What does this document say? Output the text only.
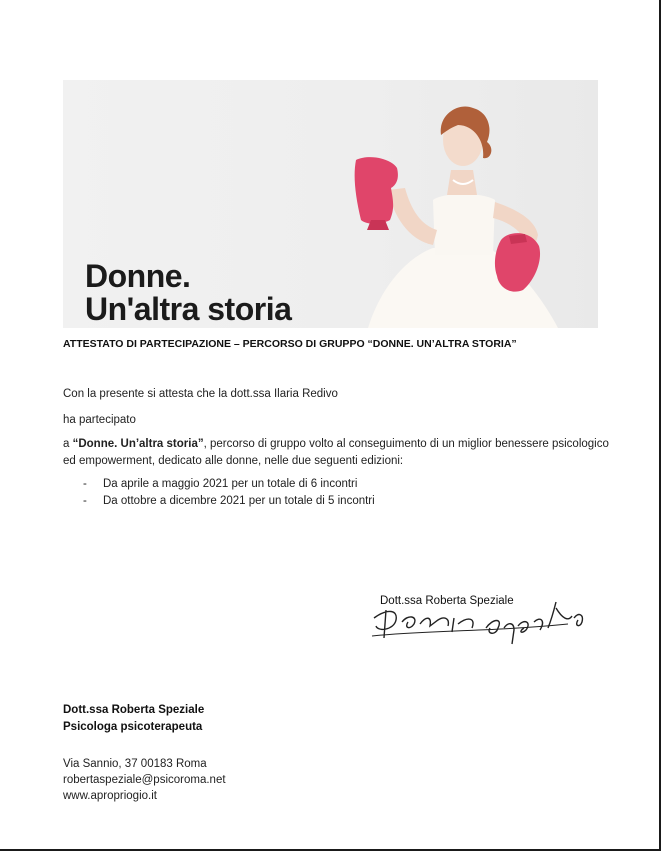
Donne.
Un'altra storia
ATTESTATO DI PARTECIPAZIONE – PERCORSO DI GRUPPO “DONNE. UN’ALTRA STORIA”
Con la presente si attesta che la dott.ssa Ilaria Redivo
ha partecipato
a “Donne. Un’altra storia”, percorso di gruppo volto al conseguimento di un miglior benessere psicologico
ed empowerment, dedicato alle donne, nelle due seguenti edizioni:
- Da aprile a maggio 2021 per un totale di 6 incontri
- Da ottobre a dicembre 2021 per un totale di 5 incontri
Dott.ssa Roberta Speziale
Dott.ssa Roberta Speziale
Psicologa psicoterapeuta
Via Sannio, 37 00183 Roma
robertaspeziale@psicoroma.net
www.apropriogio.it
